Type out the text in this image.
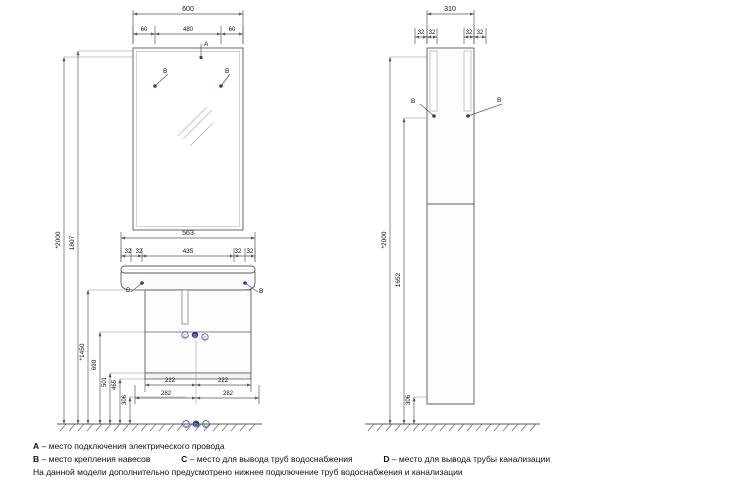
600
60	480	60
A
B	B
563
32 32	435	32 32
B	B
C D C
C D C
*2000 1807
*1450
690
501 465
306
222	222
282	282
310
32 32	32 32
B	B
*2000
1652
306
A – место подключения электрического провода
B – место крепления навесов	C – место для вывода труб водоснабжения	D – место для вывода трубы канализации
На данной модели дополнительно предусмотрено нижнее подключение труб водоснабжения и канализации
